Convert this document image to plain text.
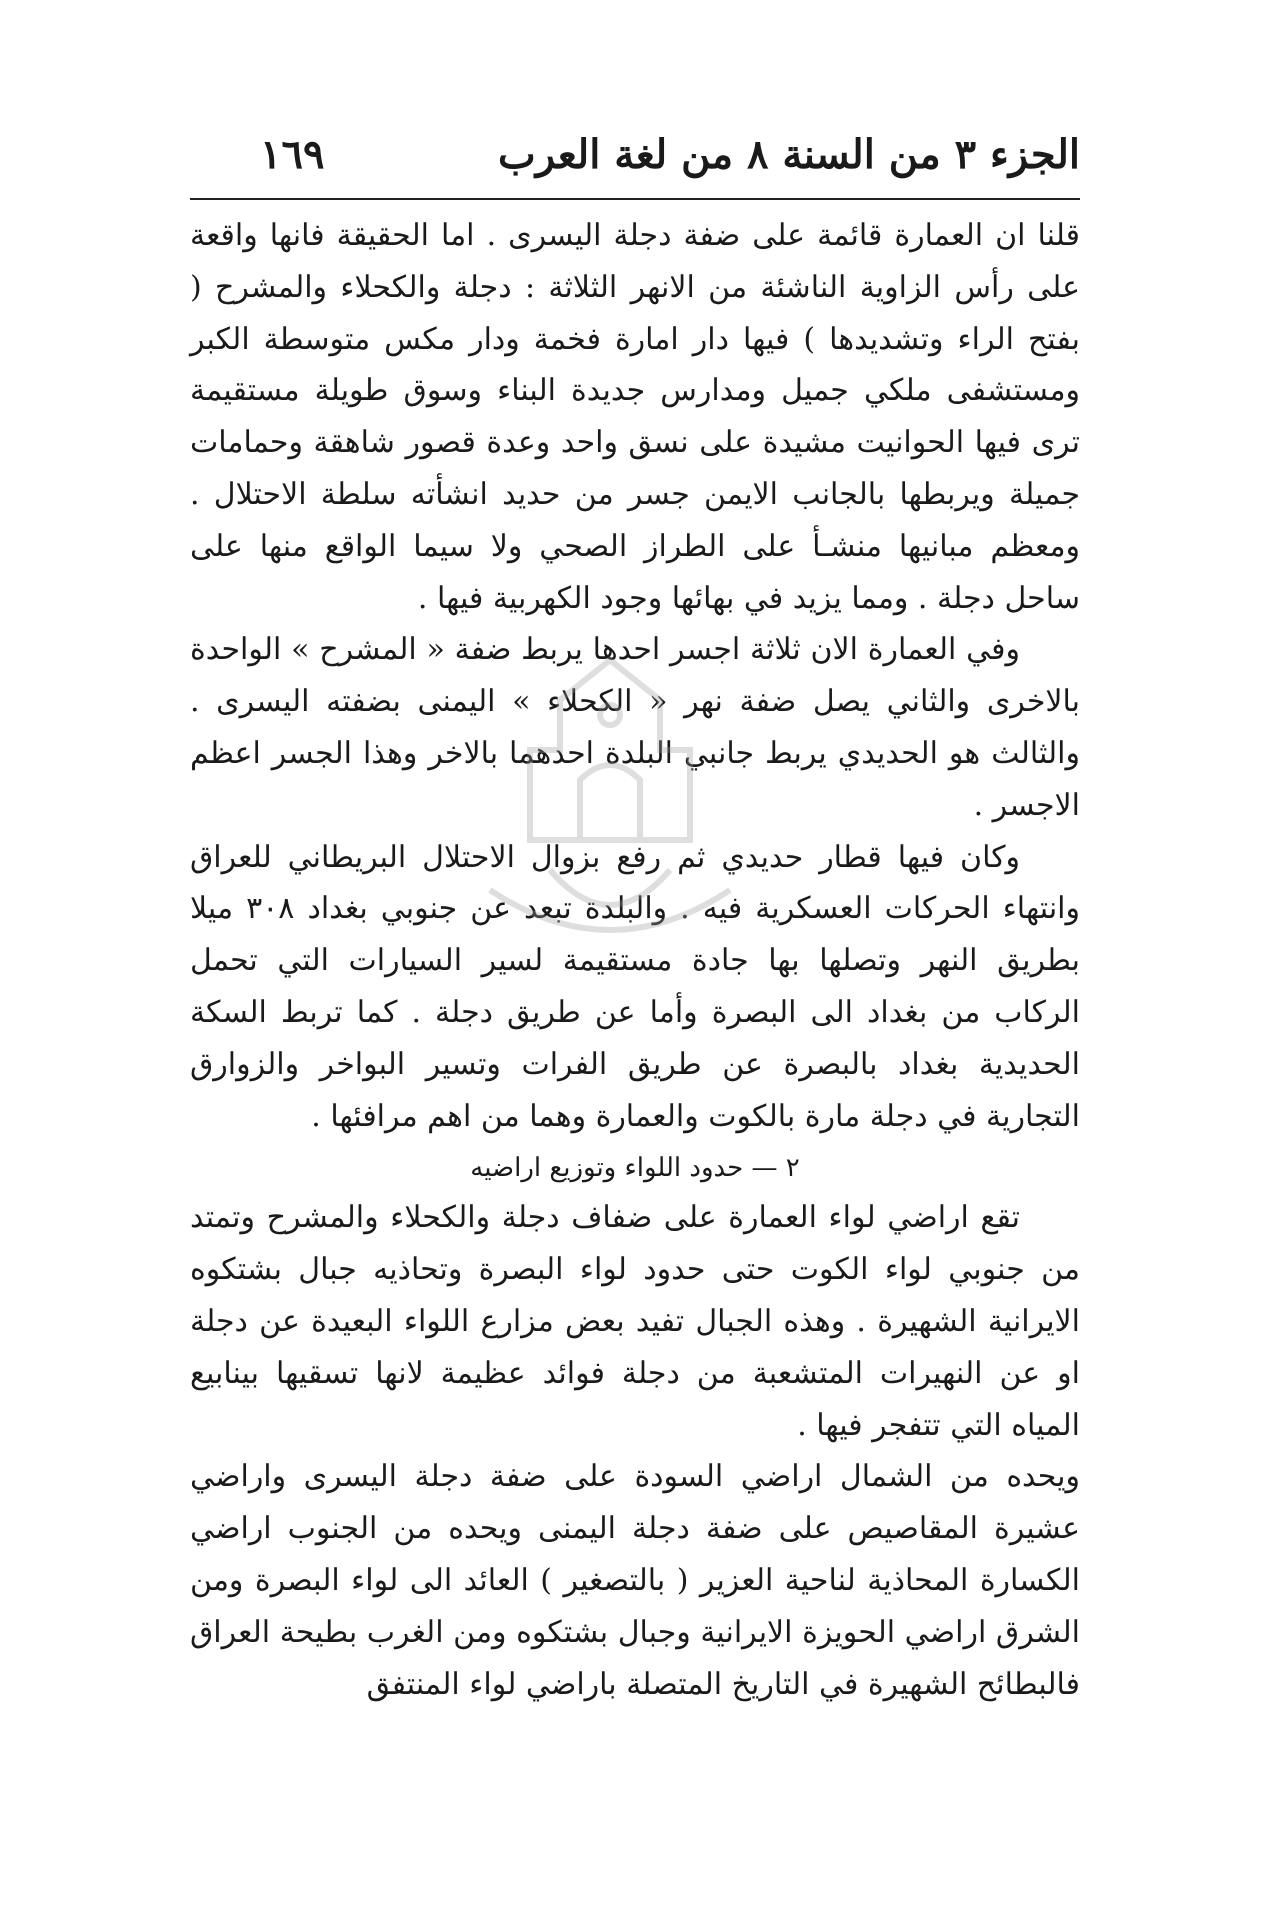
الجزء ٣ من السنة ٨ من لغة العرب
١٦٩

قلنا ان العمارة قائمة على ضفة دجلة اليسرى . اما الحقيقة فانها واقعة على رأس الزاوية الناشئة من الانهر الثلاثة : دجلة والكحلاء والمشرح ( بفتح الراء وتشديدها ) فيها دار امارة فخمة ودار مكس متوسطة الكبر ومستشفى ملكي جميل ومدارس جديدة البناء وسوق طويلة مستقيمة ترى فيها الحوانيت مشيدة على نسق واحد وعدة قصور شاهقة وحمامات جميلة ويربطها بالجانب الايمن جسر من حديد انشأته سلطة الاحتلال . ومعظم مبانيها منشـأ على الطراز الصحي ولا سيما الواقع منها على ساحل دجلة . ومما يزيد في بهائها وجود الكهربية فيها .

وفي العمارة الان ثلاثة اجسر احدها يربط ضفة « المشرح » الواحدة بالاخرى والثاني يصل ضفة نهر « الكحلاء » اليمنى بضفته اليسرى . والثالث هو الحديدي يربط جانبي البلدة احدهما بالاخر وهذا الجسر اعظم الاجسر .

وكان فيها قطار حديدي ثم رفع بزوال الاحتلال البريطاني للعراق وانتهاء الحركات العسكرية فيه . والبلدة تبعد عن جنوبي بغداد ٣٠٨ ميلا بطريق النهر وتصلها بها جادة مستقيمة لسير السيارات التي تحمل الركاب من بغداد الى البصرة وأما عن طريق دجلة . كما تربط السكة الحديدية بغداد بالبصرة عن طريق الفرات وتسير البواخر والزوارق التجارية في دجلة مارة بالكوت والعمارة وهما من اهم مرافئها .

٢ — حدود اللواء وتوزيع اراضيه

تقع اراضي لواء العمارة على ضفاف دجلة والكحلاء والمشرح وتمتد من جنوبي لواء الكوت حتى حدود لواء البصرة وتحاذيه جبال بشتكوه الايرانية الشهيرة . وهذه الجبال تفيد بعض مزارع اللواء البعيدة عن دجلة او عن النهيرات المتشعبة من دجلة فوائد عظيمة لانها تسقيها بينابيع المياه التي تتفجر فيها .

ويحده من الشمال اراضي السودة على ضفة دجلة اليسرى واراضي عشيرة المقاصيص على ضفة دجلة اليمنى ويحده من الجنوب اراضي الكسارة المحاذية لناحية العزير ( بالتصغير ) العائد الى لواء البصرة ومن الشرق اراضي الحويزة الايرانية وجبال بشتكوه ومن الغرب بطيحة العراق فالبطائح الشهيرة في التاريخ المتصلة باراضي لواء المنتفق
